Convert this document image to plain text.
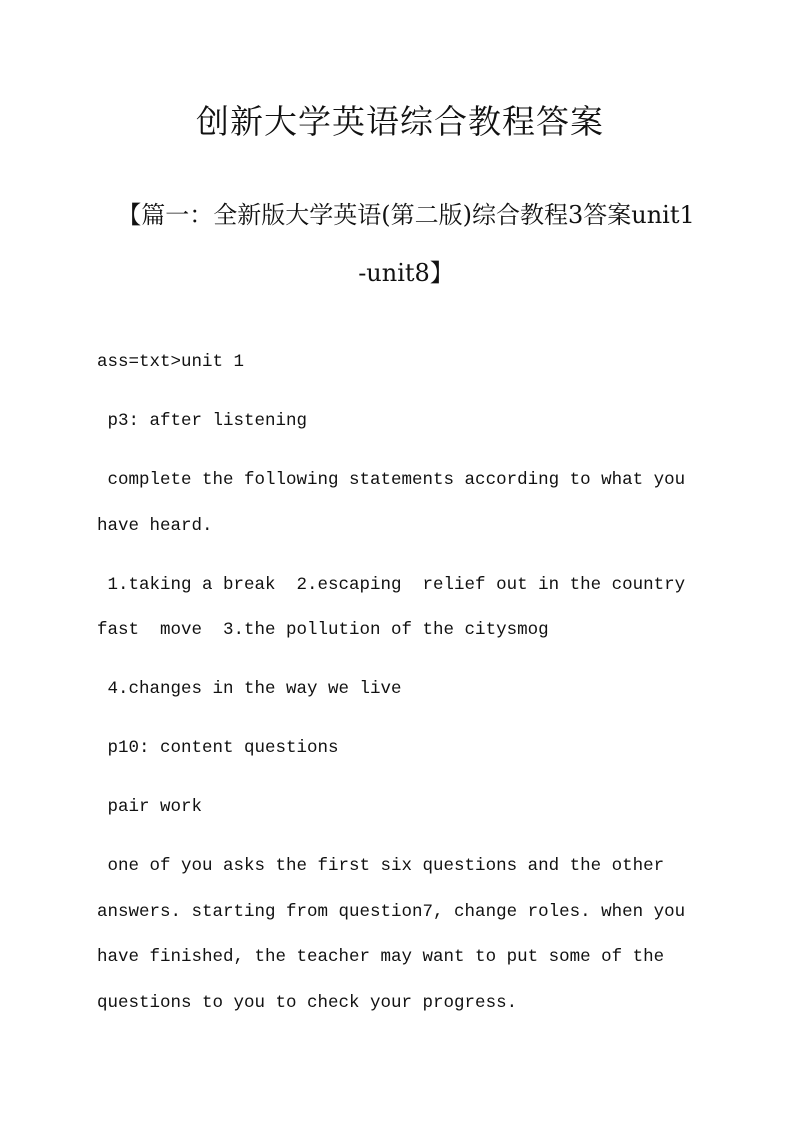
创新大学英语综合教程答案
【篇一：全新版大学英语(第二版)综合教程3答案unit1
-unit8】
ass=txt>unit 1
p3: after listening
complete the following statements according to what you
have heard.
1.taking a break  2.escaping  relief out in the country
fast  move  3.the pollution of the citysmog
4.changes in the way we live
p10: content questions
pair work
one of you asks the first six questions and the other
answers. starting from question7, change roles. when you
have finished, the teacher may want to put some of the
questions to you to check your progress.
